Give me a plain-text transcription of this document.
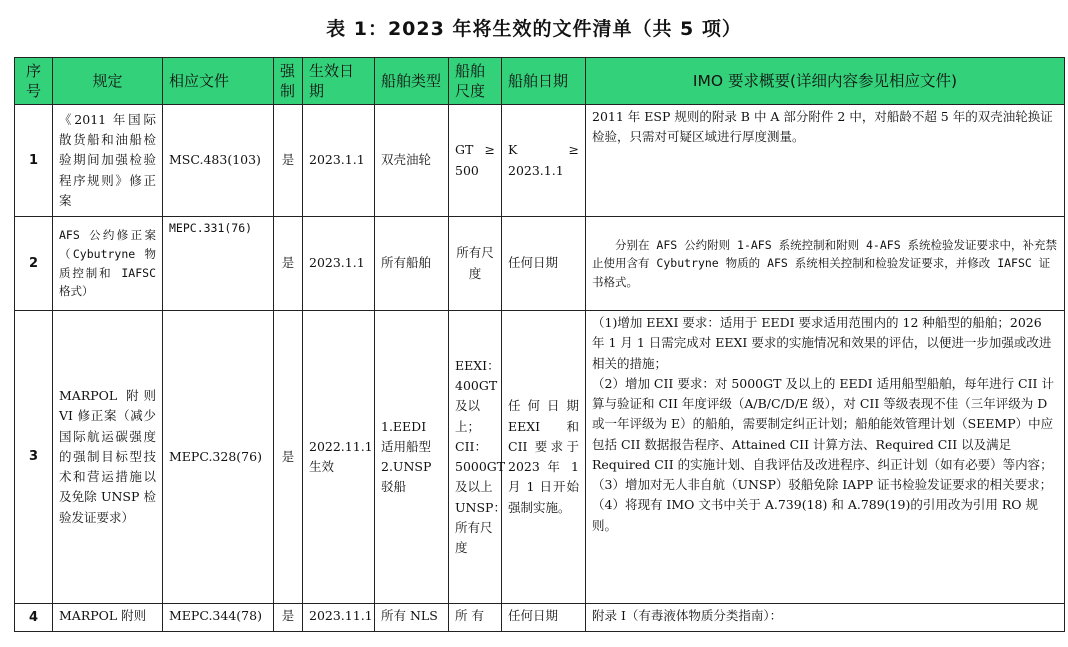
表 1：2023 年将生效的文件清单（共 5 项）
序号	规定	相应文件	强制	生效日期	船舶类型	船舶尺度	船舶日期	IMO 要求概要(详细内容参见相应文件)
1	《2011 年国际散货船和油船检验期间加强检验程序规则》修正案	MSC.483(103)	是	2023.1.1	双壳油轮	GT ≥ 500	K ≥ 2023.1.1	2011 年 ESP 规则的附录 B 中 A 部分附件 2 中，对船龄不超 5 年的双壳油轮换证检验，只需对可疑区域进行厚度测量。

2	AFS 公约修正案（Cybutryne 物质控制和 IAFSC 格式）	MEPC.331(76)	是	2023.1.1	所有船舶	所有尺度	任何日期	分别在 AFS 公约附则 1-AFS 系统控制和附则 4-AFS 系统检验发证要求中，补充禁止使用含有 Cybutryne 物质的 AFS 系统相关控制和检验发证要求，并修改 IAFSC 证书格式。

3	MARPOL 附则 VI 修正案（减少国际航运碳强度的强制目标型技术和营运措施以及免除 UNSP 检验发证要求）	MEPC.328(76)	是	2022.11.1 生效	1.EEDI 适用船型 2.UNSP 驳船	EEXI：400GT 及以上；CII：5000GT 及以上 UNSP：所有尺度	任何日期 EEXI 和 CII 要求于 2023 年 1 月 1 日开始强制实施。	（1)增加 EEXI 要求：适用于 EEDI 要求适用范围内的 12 种船型的船舶；2026 年 1 月 1 日需完成对 EEXI 要求的实施情况和效果的评估，以便进一步加强或改进相关的措施；
（2）增加 CII 要求：对 5000GT 及以上的 EEDI 适用船型船舶，每年进行 CII 计算与验证和 CII 年度评级（A/B/C/D/E 级），对 CII 等级表现不佳（三年评级为 D 或一年评级为 E）的船舶，需要制定纠正计划；船舶能效管理计划（SEEMP）中应包括 CII 数据报告程序、Attained CII 计算方法、Required CII 以及满足 Required CII 的实施计划、自我评估及改进程序、纠正计划（如有必要）等内容；
（3）增加对无人非自航（UNSP）驳船免除 IAPP 证书检验发证要求的相关要求；
（4）将现有 IMO 文书中关于 A.739(18) 和 A.789(19)的引用改为引用 RO 规则。

4	MARPOL 附则	MEPC.344(78)	是	2023.11.1	所有 NLS	所 有	任何日期	附录 I（有毒液体物质分类指南）：
